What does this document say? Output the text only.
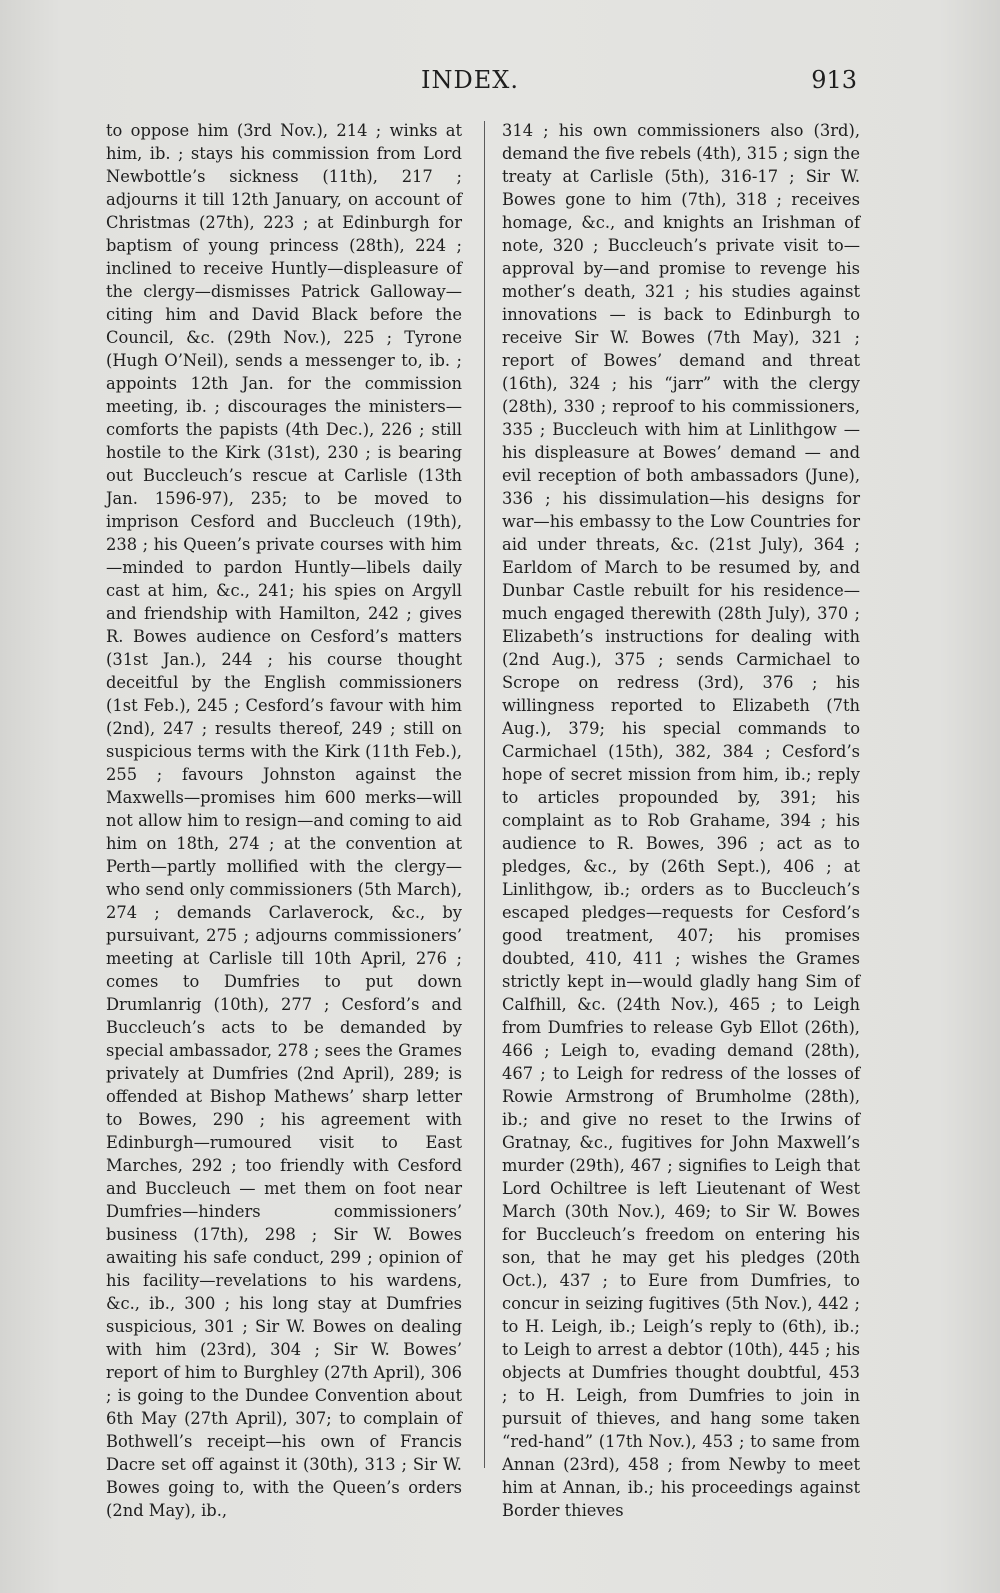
INDEX.	913

to oppose him (3rd Nov.), 214 ; winks at him, ib. ; stays his commission from Lord Newbottle’s sickness (11th), 217 ; adjourns it till 12th January, on account of Christmas (27th), 223 ; at Edinburgh for baptism of young princess (28th), 224 ; inclined to receive Huntly—displeasure of the clergy—dismisses Patrick Galloway—citing him and David Black before the Council, &c. (29th Nov.), 225 ; Tyrone (Hugh O’Neil), sends a messenger to, ib. ; appoints 12th Jan. for the commission meeting, ib. ; discourages the ministers—comforts the papists (4th Dec.), 226 ; still hostile to the Kirk (31st), 230 ; is bearing out Buccleuch’s rescue at Carlisle (13th Jan. 1596-97), 235; to be moved to imprison Cesford and Buccleuch (19th), 238 ; his Queen’s private courses with him—minded to pardon Huntly—libels daily cast at him, &c., 241; his spies on Argyll and friendship with Hamilton, 242 ; gives R. Bowes audience on Cesford’s matters (31st Jan.), 244 ; his course thought deceitful by the English commissioners (1st Feb.), 245 ; Cesford’s favour with him (2nd), 247 ; results thereof, 249 ; still on suspicious terms with the Kirk (11th Feb.), 255 ; favours Johnston against the Maxwells—promises him 600 merks—will not allow him to resign—and coming to aid him on 18th, 274 ; at the convention at Perth—partly mollified with the clergy—who send only commissioners (5th March), 274 ; demands Carlaverock, &c., by pursuivant, 275 ; adjourns commissioners’ meeting at Carlisle till 10th April, 276 ; comes to Dumfries to put down Drumlanrig (10th), 277 ; Cesford’s and Buccleuch’s acts to be demanded by special ambassador, 278 ; sees the Grames privately at Dumfries (2nd April), 289; is offended at Bishop Mathews’ sharp letter to Bowes, 290 ; his agreement with Edinburgh—rumoured visit to East Marches, 292 ; too friendly with Cesford and Buccleuch — met them on foot near Dumfries—hinders commissioners’ business (17th), 298 ; Sir W. Bowes awaiting his safe conduct, 299 ; opinion of his facility—revelations to his wardens, &c., ib., 300 ; his long stay at Dumfries suspicious, 301 ; Sir W. Bowes on dealing with him (23rd), 304 ; Sir W. Bowes’ report of him to Burghley (27th April), 306 ; is going to the Dundee Convention about 6th May (27th April), 307; to complain of Bothwell’s receipt—his own of Francis Dacre set off against it (30th), 313 ; Sir W. Bowes going to, with the Queen’s orders (2nd May), ib.,

314 ; his own commissioners also (3rd), demand the five rebels (4th), 315 ; sign the treaty at Carlisle (5th), 316-17 ; Sir W. Bowes gone to him (7th), 318 ; receives homage, &c., and knights an Irishman of note, 320 ; Buccleuch’s private visit to—approval by—and promise to revenge his mother’s death, 321 ; his studies against innovations — is back to Edinburgh to receive Sir W. Bowes (7th May), 321 ; report of Bowes’ demand and threat (16th), 324 ; his “jarr” with the clergy (28th), 330 ; reproof to his commissioners, 335 ; Buccleuch with him at Linlithgow — his displeasure at Bowes’ demand — and evil reception of both ambassadors (June), 336 ; his dissimulation—his designs for war—his embassy to the Low Countries for aid under threats, &c. (21st July), 364 ; Earldom of March to be resumed by, and Dunbar Castle rebuilt for his residence—much engaged therewith (28th July), 370 ; Elizabeth’s instructions for dealing with (2nd Aug.), 375 ; sends Carmichael to Scrope on redress (3rd), 376 ; his willingness reported to Elizabeth (7th Aug.), 379; his special commands to Carmichael (15th), 382, 384 ; Cesford’s hope of secret mission from him, ib.; reply to articles propounded by, 391; his complaint as to Rob Grahame, 394 ; his audience to R. Bowes, 396 ; act as to pledges, &c., by (26th Sept.), 406 ; at Linlithgow, ib.; orders as to Buccleuch’s escaped pledges—requests for Cesford’s good treatment, 407; his promises doubted, 410, 411 ; wishes the Grames strictly kept in—would gladly hang Sim of Calfhill, &c. (24th Nov.), 465 ; to Leigh from Dumfries to release Gyb Ellot (26th), 466 ; Leigh to, evading demand (28th), 467 ; to Leigh for redress of the losses of Rowie Armstrong of Brumholme (28th), ib.; and give no reset to the Irwins of Gratnay, &c., fugitives for John Maxwell’s murder (29th), 467 ; signifies to Leigh that Lord Ochiltree is left Lieutenant of West March (30th Nov.), 469; to Sir W. Bowes for Buccleuch’s freedom on entering his son, that he may get his pledges (20th Oct.), 437 ; to Eure from Dumfries, to concur in seizing fugitives (5th Nov.), 442 ; to H. Leigh, ib.; Leigh’s reply to (6th), ib.; to Leigh to arrest a debtor (10th), 445 ; his objects at Dumfries thought doubtful, 453 ; to H. Leigh, from Dumfries to join in pursuit of thieves, and hang some taken “red-hand” (17th Nov.), 453 ; to same from Annan (23rd), 458 ; from Newby to meet him at Annan, ib.; his proceedings against Border thieves
